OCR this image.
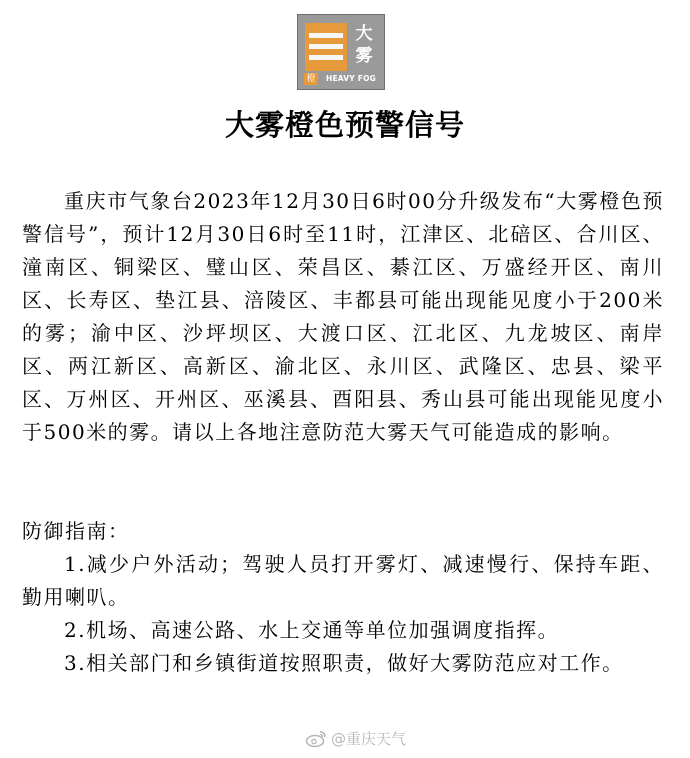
大
雾
橙	HEAVY FOG
大雾橙色预警信号

重庆市气象台2023年12月30日6时00分升级发布“大雾橙色预警信号”，预计12月30日6时至11时，江津区、北碚区、合川区、潼南区、铜梁区、璧山区、荣昌区、綦江区、万盛经开区、南川区、长寿区、垫江县、涪陵区、丰都县可能出现能见度小于200米的雾；渝中区、沙坪坝区、大渡口区、江北区、九龙坡区、南岸区、两江新区、高新区、渝北区、永川区、武隆区、忠县、梁平区、万州区、开州区、巫溪县、酉阳县、秀山县可能出现能见度小于500米的雾。请以上各地注意防范大雾天气可能造成的影响。

防御指南：

1.减少户外活动；驾驶人员打开雾灯、减速慢行、保持车距、勤用喇叭。

2.机场、高速公路、水上交通等单位加强调度指挥。

3.相关部门和乡镇街道按照职责，做好大雾防范应对工作。

@重庆天气
